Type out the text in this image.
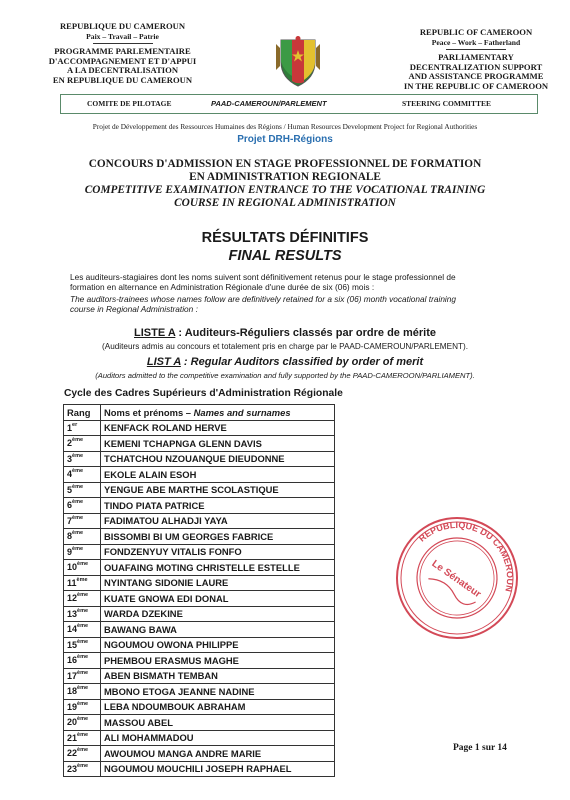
REPUBLIQUE DU CAMEROUN
Paix – Travail – Patrie
PROGRAMME PARLEMENTAIRE
D'ACCOMPAGNEMENT ET D'APPUI
A LA DECENTRALISATION
EN REPUBLIQUE DU CAMEROUN
REPUBLIC OF CAMEROON
Peace – Work – Fatherland
PARLIAMENTARY
DECENTRALIZATION SUPPORT
AND ASSISTANCE PROGRAMME
IN THE REPUBLIC OF CAMEROON
COMITE DE PILOTAGE	PAAD-CAMEROUN/PARLEMENT	STEERING COMMITTEE
Projet de Développement des Ressources Humaines des Régions / Human Resources Development Project for Regional Authorities
Projet DRH-Régions
CONCOURS D'ADMISSION EN STAGE PROFESSIONNEL DE FORMATION
EN ADMINISTRATION REGIONALE
COMPETITIVE EXAMINATION ENTRANCE TO THE VOCATIONAL TRAINING
COURSE IN REGIONAL ADMINISTRATION
RÉSULTATS DÉFINITIFS
FINAL RESULTS
Les auditeurs-stagiaires dont les noms suivent sont définitivement retenus pour le stage professionnel de
formation en alternance en Administration Régionale d'une durée de six (06) mois :
The auditors-trainees whose names follow are definitively retained for a six (06) month vocational training
course in Regional Administration :
LISTE A : Auditeurs-Réguliers classés par ordre de mérite
(Auditeurs admis au concours et totalement pris en charge par le PAAD-CAMEROUN/PARLEMENT).
LIST A : Regular Auditors classified by order of merit
(Auditors admitted to the competitive examination and fully supported by the PAAD-CAMEROON/PARLIAMENT).
Cycle des Cadres Supérieurs d'Administration Régionale
Rang	Noms et prénoms – Names and surnames
1er	KENFACK ROLAND HERVE
2ème	KEMENI TCHAPNGA GLENN DAVIS
3ème	TCHATCHOU NZOUANQUE DIEUDONNE
4ème	EKOLE ALAIN ESOH
5ème	YENGUE ABE MARTHE SCOLASTIQUE
6ème	TINDO PIATA PATRICE
7ème	FADIMATOU ALHADJI YAYA
8ème	BISSOMBI BI UM GEORGES FABRICE
9ème	FONDZENYUY VITALIS FONFO
10ème	OUAFAING MOTING CHRISTELLE ESTELLE
11ème	NYINTANG SIDONIE LAURE
12ème	KUATE GNOWA EDI DONAL
13ème	WARDA DZEKINE
14ème	BAWANG BAWA
15ème	NGOUMOU OWONA PHILIPPE
16ème	PHEMBOU ERASMUS MAGHE
17ème	ABEN BISMATH TEMBAN
18ème	MBONO ETOGA JEANNE NADINE
19ème	LEBA NDOUMBOUK ABRAHAM
20ème	MASSOU ABEL
21ème	ALI MOHAMMADOU
22ème	AWOUMOU MANGA ANDRE MARIE
23ème	NGOUMOU MOUCHILI JOSEPH RAPHAEL
REPUBLIQUE DU CAMEROUN
Le Sénateur
Page 1 sur 14
